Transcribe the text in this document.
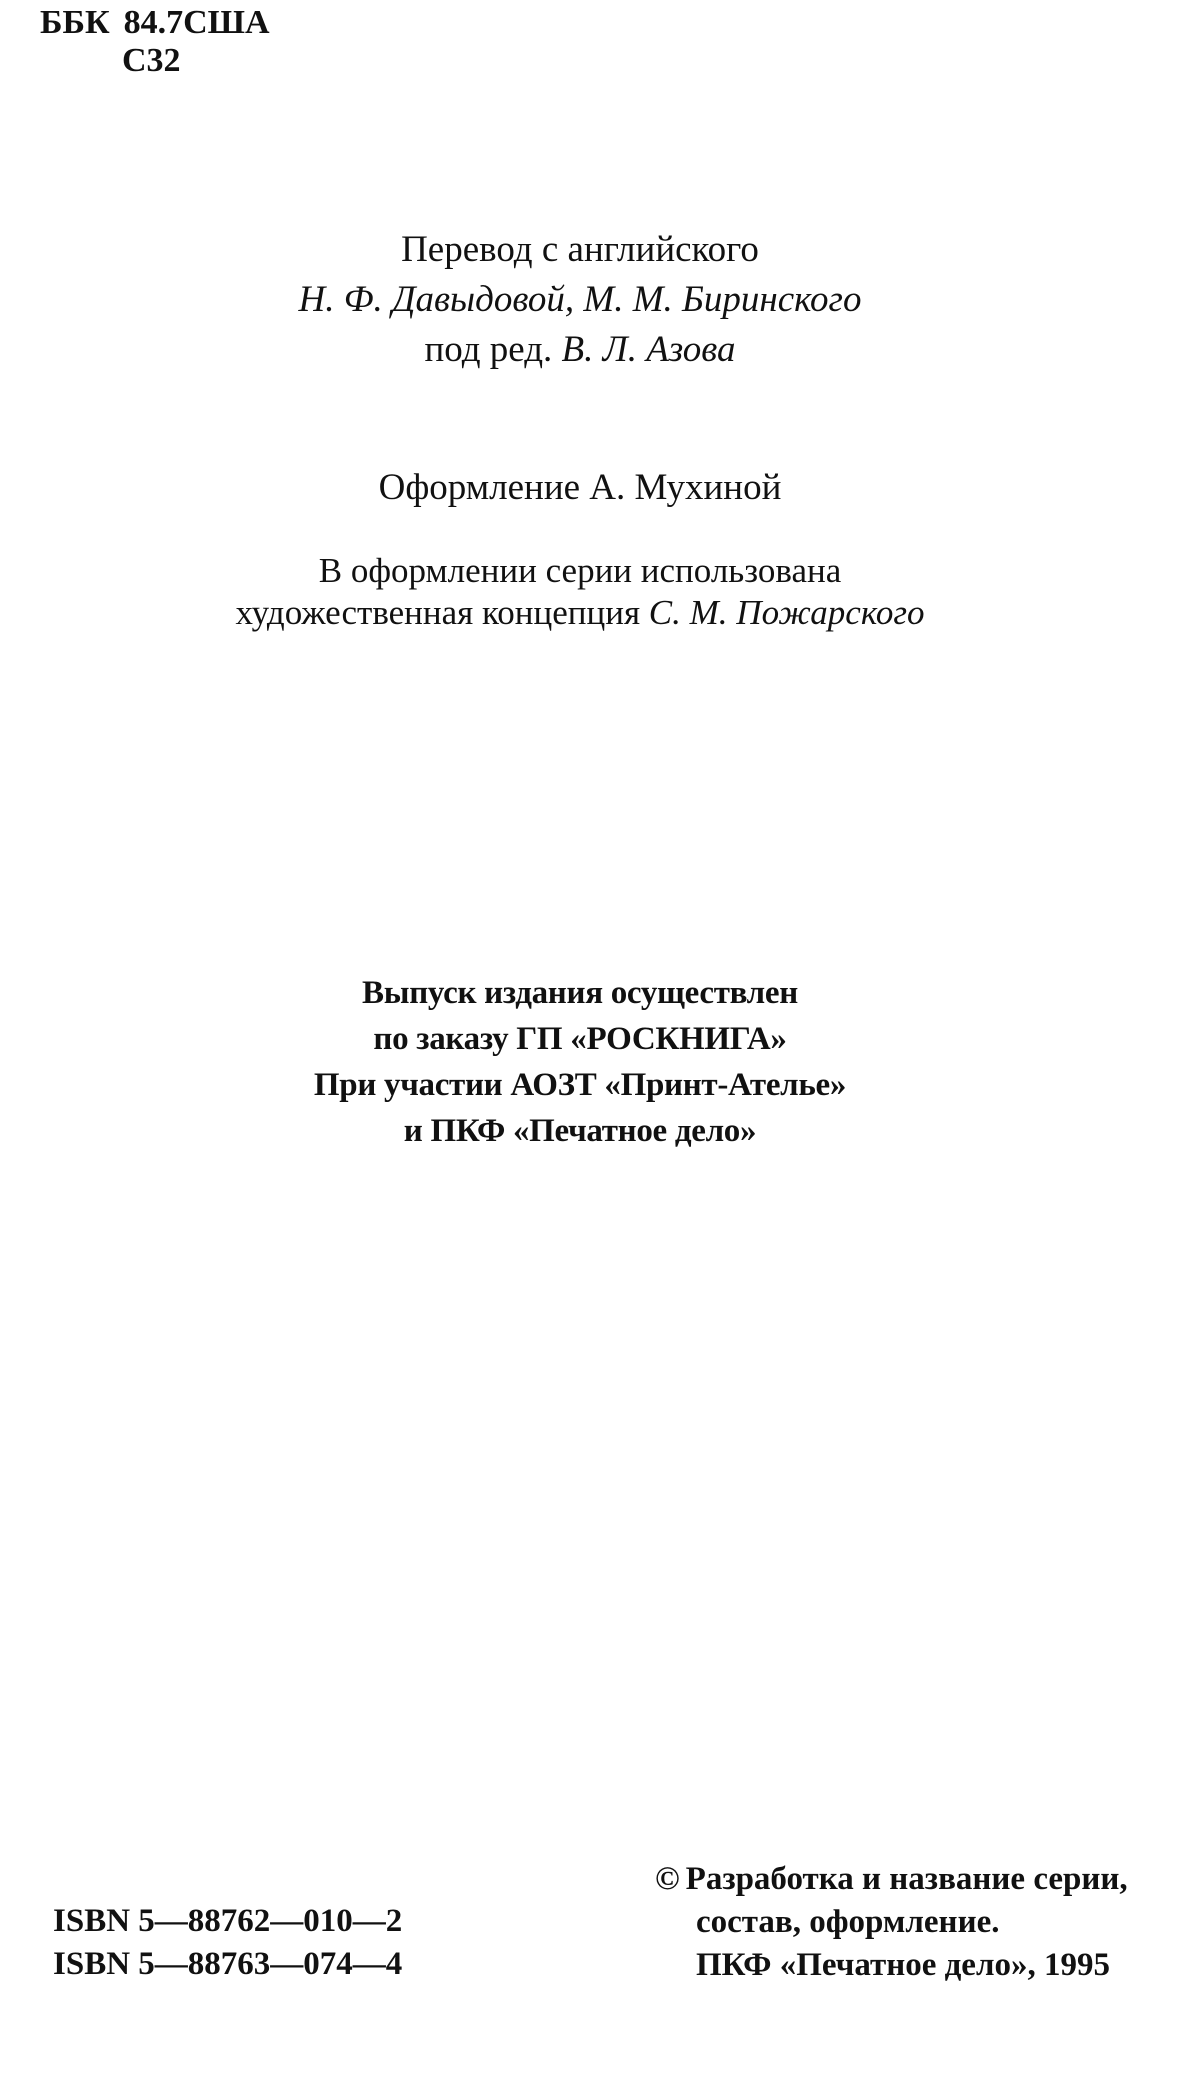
ББК 84.7США
С32
Перевод с английского
Н. Ф. Давыдовой, М. М. Биринского
под ред. В. Л. Азова
Оформление А. Мухиной
В оформлении серии использована
художественная концепция С. М. Пожарского
Выпуск издания осуществлен
по заказу ГП «РОСКНИГА»
При участии АОЗТ «Принт-Ателье»
и ПКФ «Печатное дело»
ISBN 5—88762—010—2
ISBN 5—88763—074—4
© Разработка и название серии,
состав, оформление.
ПКФ «Печатное дело», 1995
